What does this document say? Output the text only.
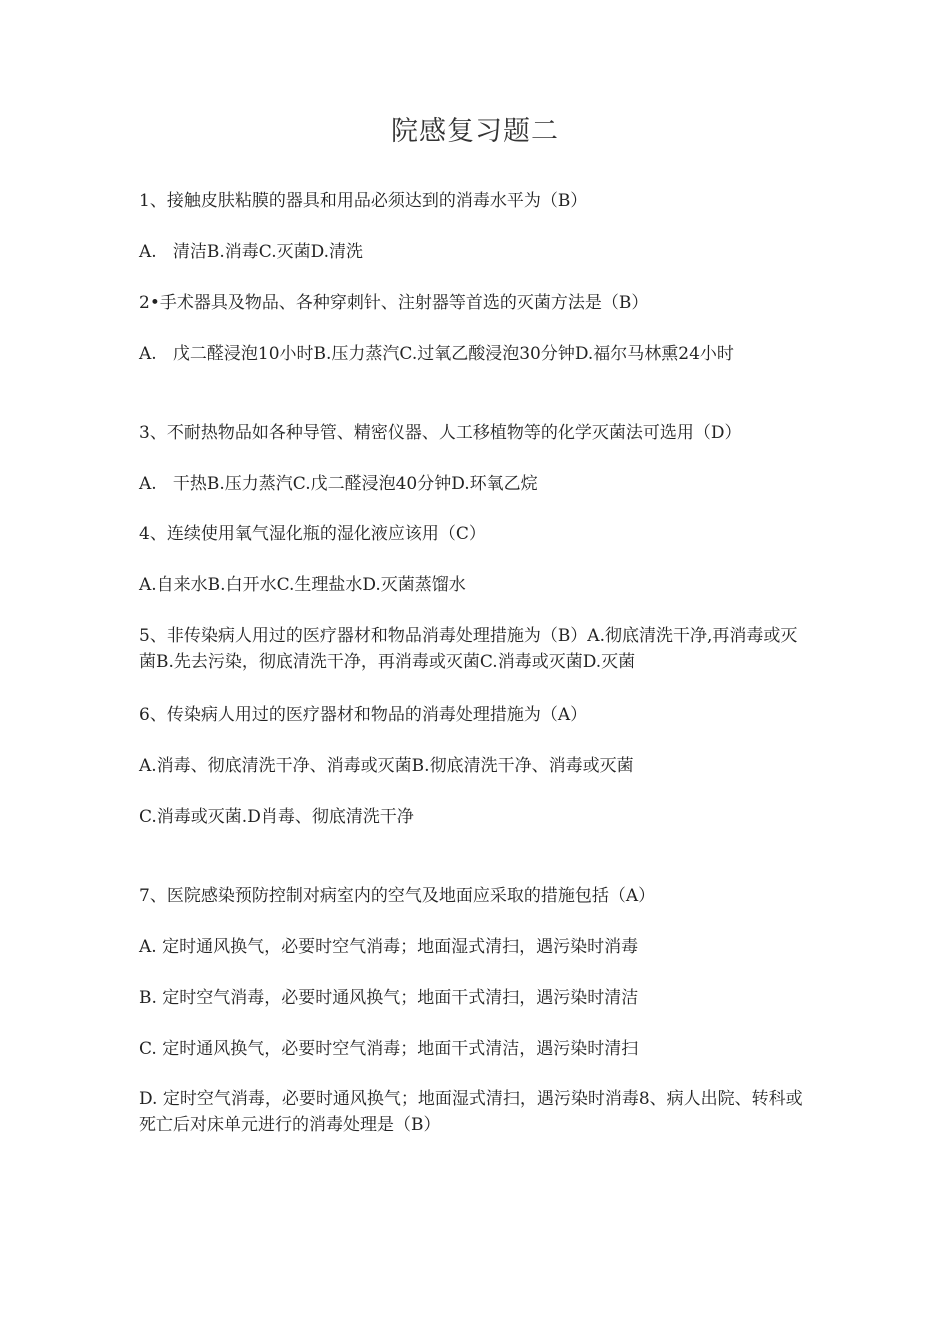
院感复习题二

1、接触皮肤粘膜的器具和用品必须达到的消毒水平为（B）

A.   清洁B.消毒C.灭菌D.清洗

2•手术器具及物品、各种穿刺针、注射器等首选的灭菌方法是（B）

A.   戊二醛浸泡10小时B.压力蒸汽C.过氧乙酸浸泡30分钟D.福尔马林熏24小时

3、不耐热物品如各种导管、精密仪器、人工移植物等的化学灭菌法可选用（D）

A.   干热B.压力蒸汽C.戊二醛浸泡40分钟D.环氧乙烷

4、连续使用氧气湿化瓶的湿化液应该用（C）

A.自来水B.白开水C.生理盐水D.灭菌蒸馏水

5、非传染病人用过的医疗器材和物品消毒处理措施为（B）A.彻底清洗干净,再消毒或灭菌B.先去污染，彻底清洗干净，再消毒或灭菌C.消毒或灭菌D.灭菌

6、传染病人用过的医疗器材和物品的消毒处理措施为（A）

A.消毒、彻底清洗干净、消毒或灭菌B.彻底清洗干净、消毒或灭菌

C.消毒或灭菌.D肖毒、彻底清洗干净

7、医院感染预防控制对病室内的空气及地面应采取的措施包括（A）

A. 定时通风换气，必要时空气消毒；地面湿式清扫，遇污染时消毒

B. 定时空气消毒，必要时通风换气；地面干式清扫，遇污染时清洁

C. 定时通风换气，必要时空气消毒；地面干式清洁，遇污染时清扫

D. 定时空气消毒，必要时通风换气；地面湿式清扫，遇污染时消毒8、病人出院、转科或死亡后对床单元进行的消毒处理是（B）
